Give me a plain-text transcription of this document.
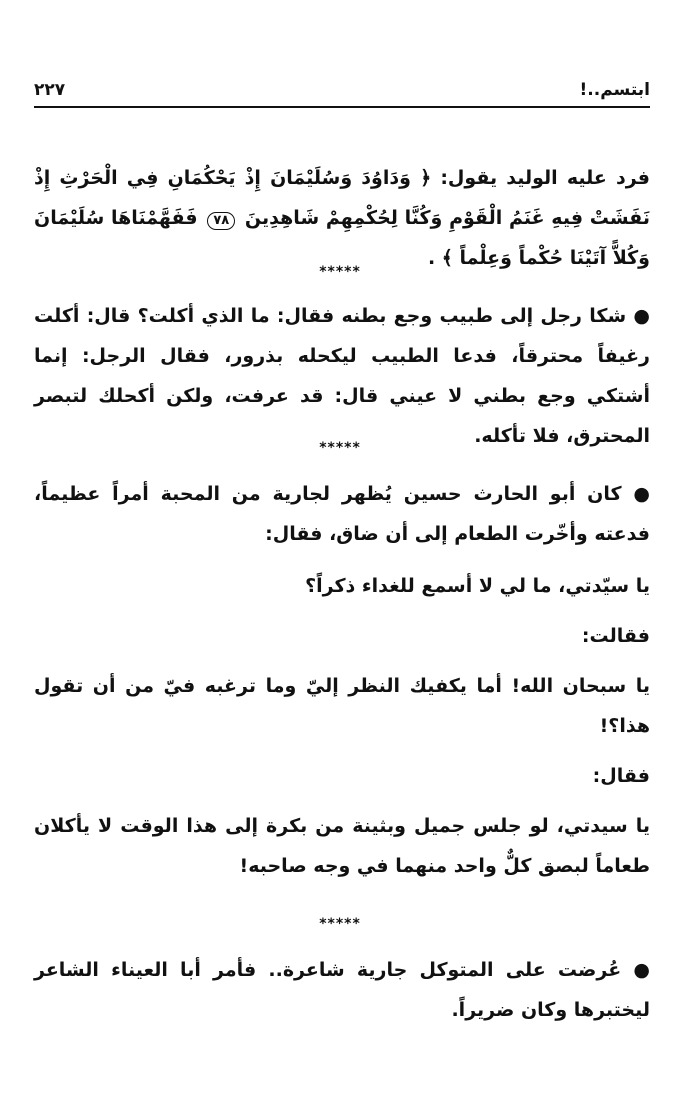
ابتسم..!
٢٢٧
فرد عليه الوليد يقول: ﴿ وَدَاوُدَ وَسُلَيْمَانَ إِذْ يَحْكُمَانِ فِي الْحَرْثِ إِذْ نَفَشَتْ فِيهِ غَنَمُ الْقَوْمِ وَكُنَّا لِحُكْمِهِمْ شَاهِدِينَ ٧٨ فَفَهَّمْنَاهَا سُلَيْمَانَ وَكُلاًّ آتَيْنَا حُكْماً وَعِلْماً ﴾ .
*****
● شكا رجل إلى طبيب وجع بطنه فقال: ما الذي أكلت؟ قال: أكلت رغيفاً محترقاً، فدعا الطبيب ليكحله بذرور، فقال الرجل: إنما أشتكي وجع بطني لا عيني قال: قد عرفت، ولكن أكحلك لتبصر المحترق، فلا تأكله.
*****
● كان أبو الحارث حسين يُظهر لجارية من المحبة أمراً عظيماً، فدعته وأخّرت الطعام إلى أن ضاق، فقال:
يا سيّدتي، ما لي لا أسمع للغداء ذكراً؟
فقالت:
يا سبحان الله! أما يكفيك النظر إليّ وما ترغبه فيّ من أن تقول هذا؟!
فقال:
يا سيدتي، لو جلس جميل وبثينة من بكرة إلى هذا الوقت لا يأكلان طعاماً لبصق كلٌّ واحد منهما في وجه صاحبه!
*****
● عُرضت على المتوكل جارية شاعرة.. فأمر أبا العيناء الشاعر ليختبرها وكان ضريراً.
